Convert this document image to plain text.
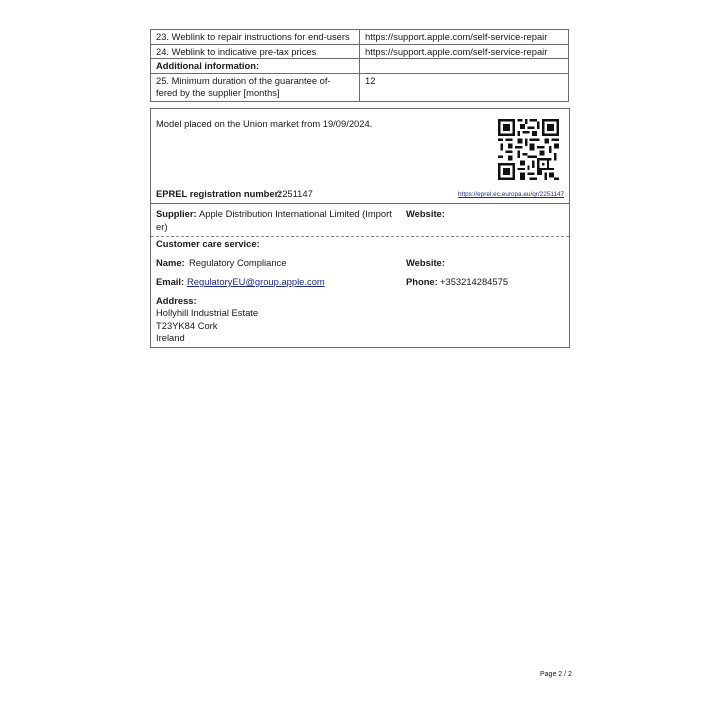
23. Weblink to repair instructions for end-users	https://support.apple.com/self-service-repair
24. Weblink to indicative pre-tax prices	https://support.apple.com/self-service-repair
Additional information:	
25. Minimum duration of the guarantee of-
fered by the supplier [months]	12
Model placed on the Union market from 19/09/2024.
EPREL registration number:
2251147	https://eprel.ec.europa.eu/qr/2251147
Supplier: Apple Distribution International Limited (Import
er)
Website:
Customer care service:
Name: Regulatory Compliance	Website:
Email: RegulatoryEU@group.apple.com	Phone: +353214284575
Address:
Hollyhill Industrial Estate
T23YK84 Cork
Ireland
Page 2 / 2
